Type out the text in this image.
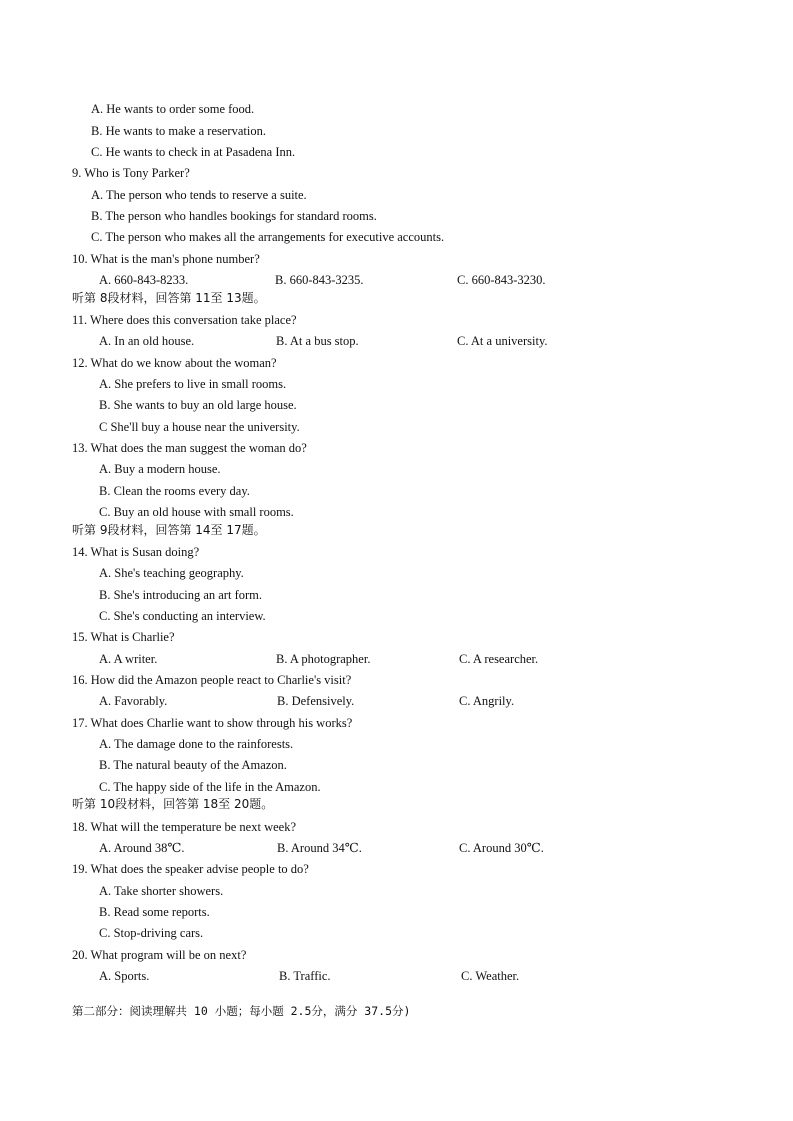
A. He wants to order some food.
B. He wants to make a reservation.
C. He wants to check in at Pasadena Inn.
9. Who is Tony Parker?
A. The person who tends to reserve a suite.
B. The person who handles bookings for standard rooms.
C. The person who makes all the arrangements for executive accounts.
10. What is the man's phone number?
A. 660-843-8233.	B. 660-843-3235.	C. 660-843-3230.
听第 8段材料，回答第 11至 13题。
11. Where does this conversation take place?
A. In an old house.	B. At a bus stop.	C. At a university.
12. What do we know about the woman?
A. She prefers to live in small rooms.
B. She wants to buy an old large house.
C She'll buy a house near the university.
13. What does the man suggest the woman do?
A. Buy a modern house.
B. Clean the rooms every day.
C. Buy an old house with small rooms.
听第 9段材料，回答第 14至 17题。
14. What is Susan doing?
A. She's teaching geography.
B. She's introducing an art form.
C. She's conducting an interview.
15. What is Charlie?
A. A writer.	B. A photographer.	C. A researcher.
16. How did the Amazon people react to Charlie's visit?
A. Favorably.	B. Defensively.	C. Angrily.
17. What does Charlie want to show through his works?
A. The damage done to the rainforests.
B. The natural beauty of the Amazon.
C. The happy side of the life in the Amazon.
听第 10段材料，回答第 18至 20题。
18. What will the temperature be next week?
A. Around 38℃.	B. Around 34℃.	C. Around 30℃.
19. What does the speaker advise people to do?
A. Take shorter showers.
B. Read some reports.
C. Stop-driving cars.
20. What program will be on next?
A. Sports.	B. Traffic.	C. Weather.
第二部分：阅读理解共 10 小题；每小题 2.5分，满分 37.5分)
